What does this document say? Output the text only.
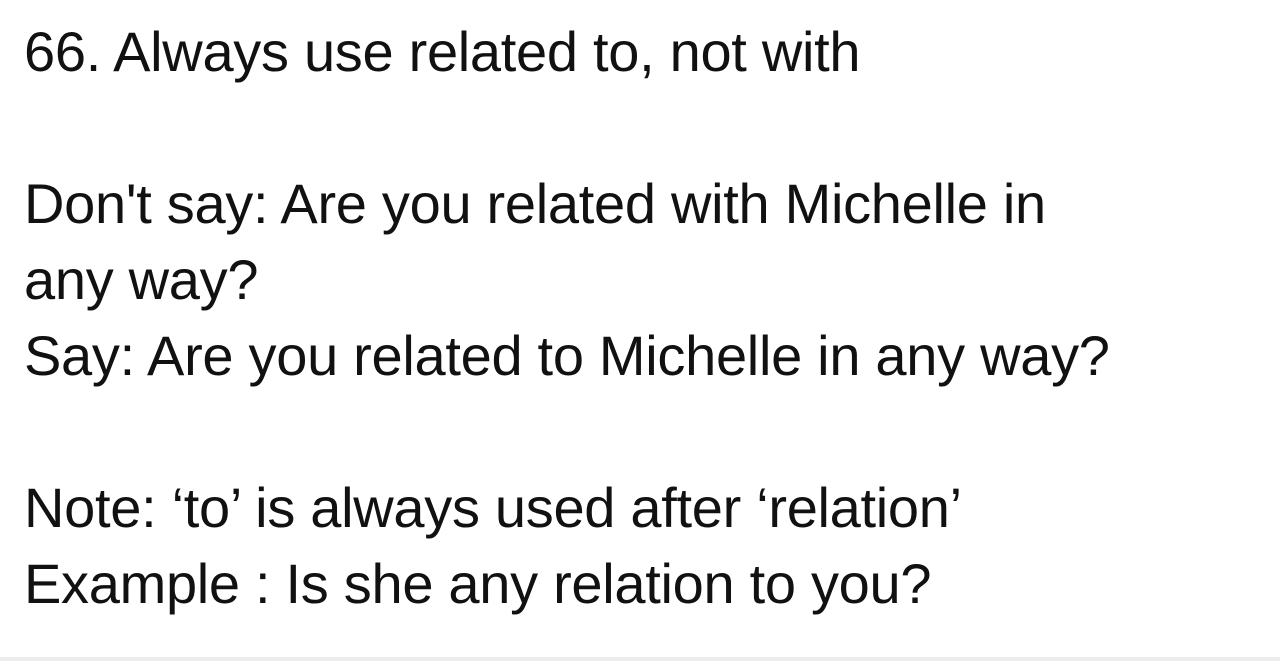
66. Always use related to, not with
Don't say: Are you related with Michelle in
any way?
Say: Are you related to Michelle in any way?
Note: ‘to’ is always used after ‘relation’
Example : Is she any relation to you?
